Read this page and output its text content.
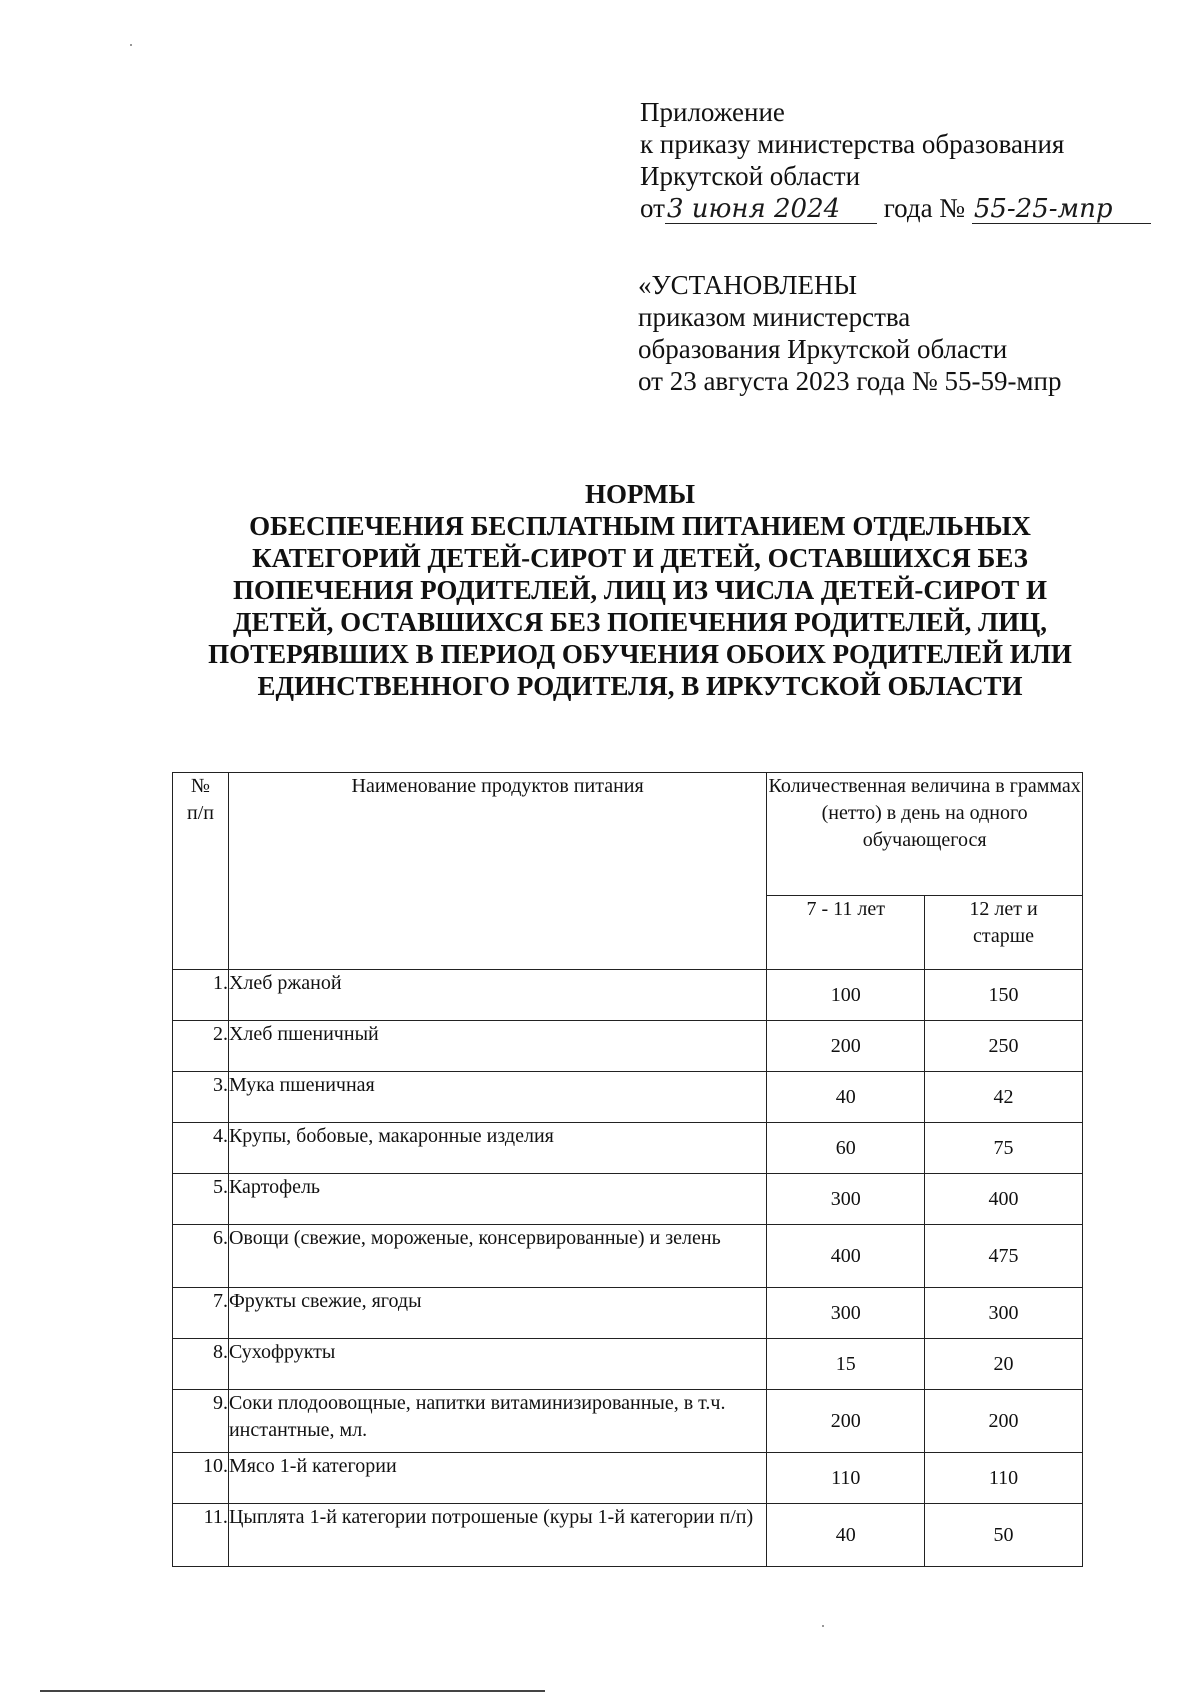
Приложение
к приказу министерства образования
Иркутской области
от3 июня 2024 года № 55-25-мпр
«УСТАНОВЛЕНЫ
приказом министерства
образования Иркутской области
от 23 августа 2023 года № 55-59-мпр
НОРМЫ
ОБЕСПЕЧЕНИЯ БЕСПЛАТНЫМ ПИТАНИЕМ ОТДЕЛЬНЫХ
КАТЕГОРИЙ ДЕТЕЙ-СИРОТ И ДЕТЕЙ, ОСТАВШИХСЯ БЕЗ
ПОПЕЧЕНИЯ РОДИТЕЛЕЙ, ЛИЦ ИЗ ЧИСЛА ДЕТЕЙ-СИРОТ И
ДЕТЕЙ, ОСТАВШИХСЯ БЕЗ ПОПЕЧЕНИЯ РОДИТЕЛЕЙ, ЛИЦ,
ПОТЕРЯВШИХ В ПЕРИОД ОБУЧЕНИЯ ОБОИХ РОДИТЕЛЕЙ ИЛИ
ЕДИНСТВЕННОГО РОДИТЕЛЯ, В ИРКУТСКОЙ ОБЛАСТИ
№
п/п	Наименование продуктов питания	Количественная величина в граммах (нетто) в день на одного обучающегося	
		7 - 11 лет	12 лет и
старше

1.	Хлеб ржаной	100	150
2.	Хлеб пшеничный	200	250
3.	Мука пшеничная	40	42
4.	Крупы, бобовые, макаронные изделия	60	75
5.	Картофель	300	400
6.	Овощи (свежие, мороженые, консервированные) и зелень	400	475
7.	Фрукты свежие, ягоды	300	300
8.	Сухофрукты	15	20
9.	Соки плодоовощные, напитки витаминизированные, в т.ч. инстантные, мл.	200	200
10.	Мясо 1-й категории	110	110
11.	Цыплята 1-й категории потрошеные (куры 1-й категории п/п)	40	50
